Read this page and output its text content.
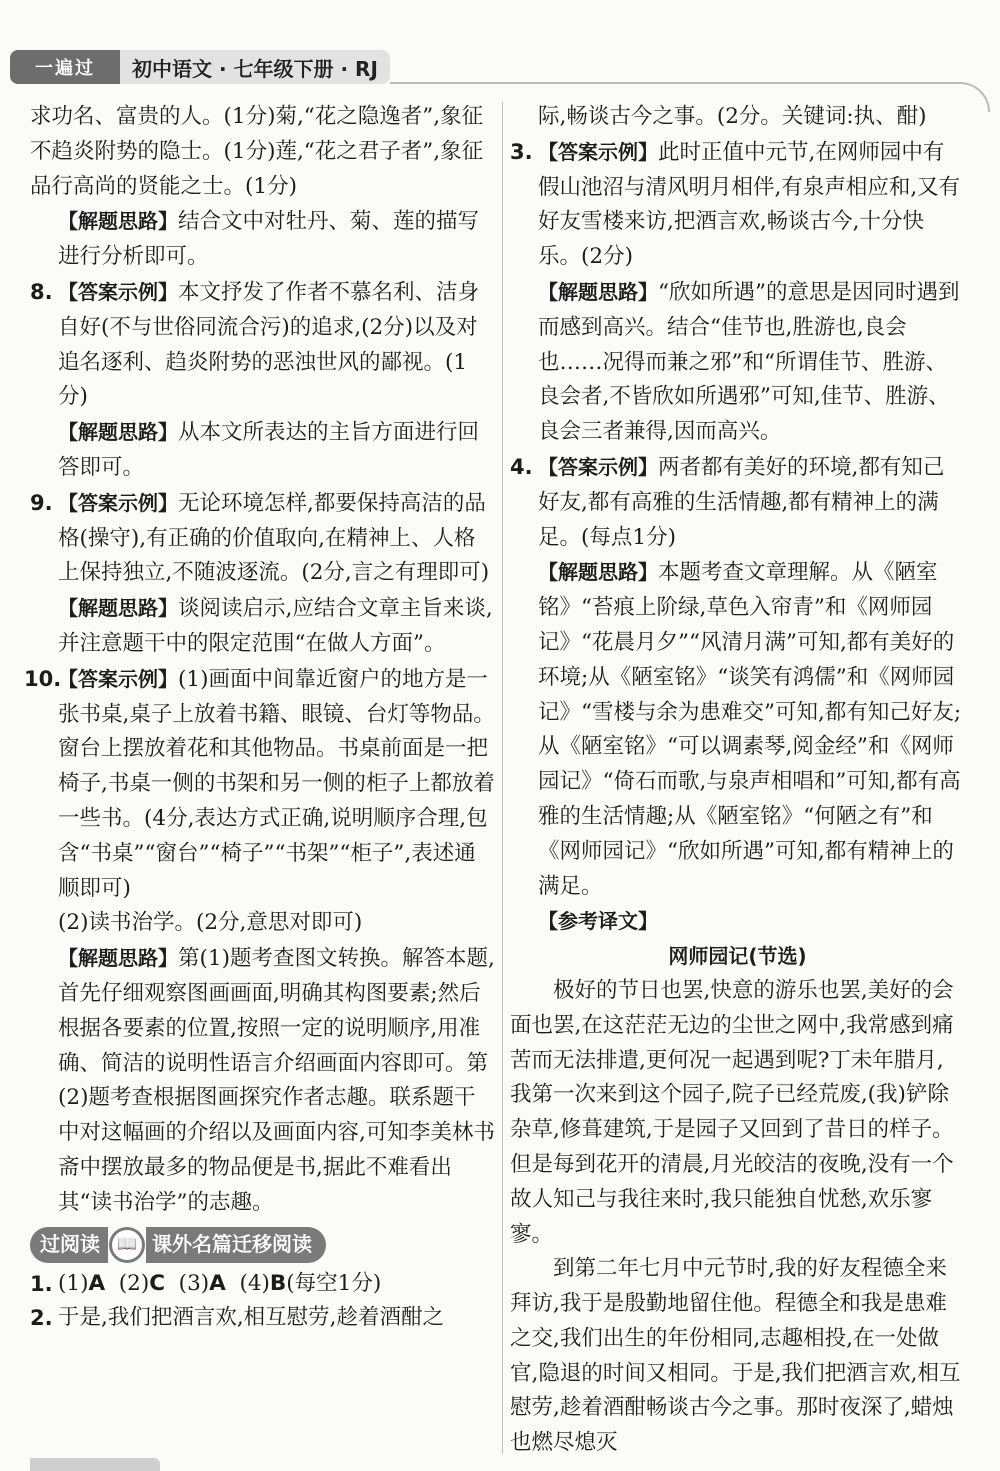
一遍过	初中语文 · 七年级下册 · RJ

求功名、富贵的人。(1分)菊,“花之隐逸者”,象征不趋炎附势的隐士。(1分)莲,“花之君子者”,象征品行高尚的贤能之士。(1分)

【解题思路】结合文中对牡丹、菊、莲的描写进行分析即可。

8. 【答案示例】本文抒发了作者不慕名利、洁身自好(不与世俗同流合污)的追求,(2分)以及对追名逐利、趋炎附势的恶浊世风的鄙视。(1分)

【解题思路】从本文所表达的主旨方面进行回答即可。

9. 【答案示例】无论环境怎样,都要保持高洁的品格(操守),有正确的价值取向,在精神上、人格上保持独立,不随波逐流。(2分,言之有理即可)

【解题思路】谈阅读启示,应结合文章主旨来谈,并注意题干中的限定范围“在做人方面”。

10.

【答案示例】(1)画面中间靠近窗户的地方是一张书桌,桌子上放着书籍、眼镜、台灯等物品。窗台上摆放着花和其他物品。书桌前面是一把椅子,书桌一侧的书架和另一侧的柜子上都放着一些书。(4分,表达方式正确,说明顺序合理,包含“书桌”“窗台”“椅子”“书架”“柜子”,表述通顺即可)

(2)读书治学。(2分,意思对即可)

【解题思路】第(1)题考查图文转换。解答本题,首先仔细观察图画画面,明确其构图要素;然后根据各要素的位置,按照一定的说明顺序,用准确、简洁的说明性语言介绍画面内容即可。第(2)题考查根据图画探究作者志趣。联系题干中对这幅画的介绍以及画面内容,可知李美林书斋中摆放最多的物品便是书,据此不难看出其“读书治学”的志趣。

过阅读	📖 课外名篇迁移阅读
1. (1)A  (2)C  (3)A  (4)B(每空1分)

2. 于是,我们把酒言欢,相互慰劳,趁着酒酣之

际,畅谈古今之事。(2分。关键词:执、酣)

3. 【答案示例】此时正值中元节,在网师园中有假山池沼与清风明月相伴,有泉声相应和,又有好友雪楼来访,把酒言欢,畅谈古今,十分快乐。(2分)

【解题思路】“欣如所遇”的意思是因同时遇到而感到高兴。结合“佳节也,胜游也,良会也……况得而兼之邪”和“所谓佳节、胜游、良会者,不皆欣如所遇邪”可知,佳节、胜游、良会三者兼得,因而高兴。

4. 【答案示例】两者都有美好的环境,都有知己好友,都有高雅的生活情趣,都有精神上的满足。(每点1分)

【解题思路】本题考查文章理解。从《陋室铭》“苔痕上阶绿,草色入帘青”和《网师园记》“花晨月夕”“风清月满”可知,都有美好的环境;从《陋室铭》“谈笑有鸿儒”和《网师园记》“雪楼与余为患难交”可知,都有知己好友;从《陋室铭》“可以调素琴,阅金经”和《网师园记》“倚石而歌,与泉声相唱和”可知,都有高雅的生活情趣;从《陋室铭》“何陋之有”和《网师园记》“欣如所遇”可知,都有精神上的满足。

【参考译文】

网师园记(节选)

极好的节日也罢,快意的游乐也罢,美好的会面也罢,在这茫茫无边的尘世之网中,我常感到痛苦而无法排遣,更何况一起遇到呢?丁未年腊月,我第一次来到这个园子,院子已经荒废,(我)铲除杂草,修葺建筑,于是园子又回到了昔日的样子。但是每到花开的清晨,月光皎洁的夜晚,没有一个故人知己与我往来时,我只能独自忧愁,欢乐寥寥。

到第二年七月中元节时,我的好友程德全来拜访,我于是殷勤地留住他。程德全和我是患难之交,我们出生的年份相同,志趣相投,在一处做官,隐退的时间又相同。于是,我们把酒言欢,相互慰劳,趁着酒酣畅谈古今之事。那时夜深了,蜡烛也燃尽熄灭
